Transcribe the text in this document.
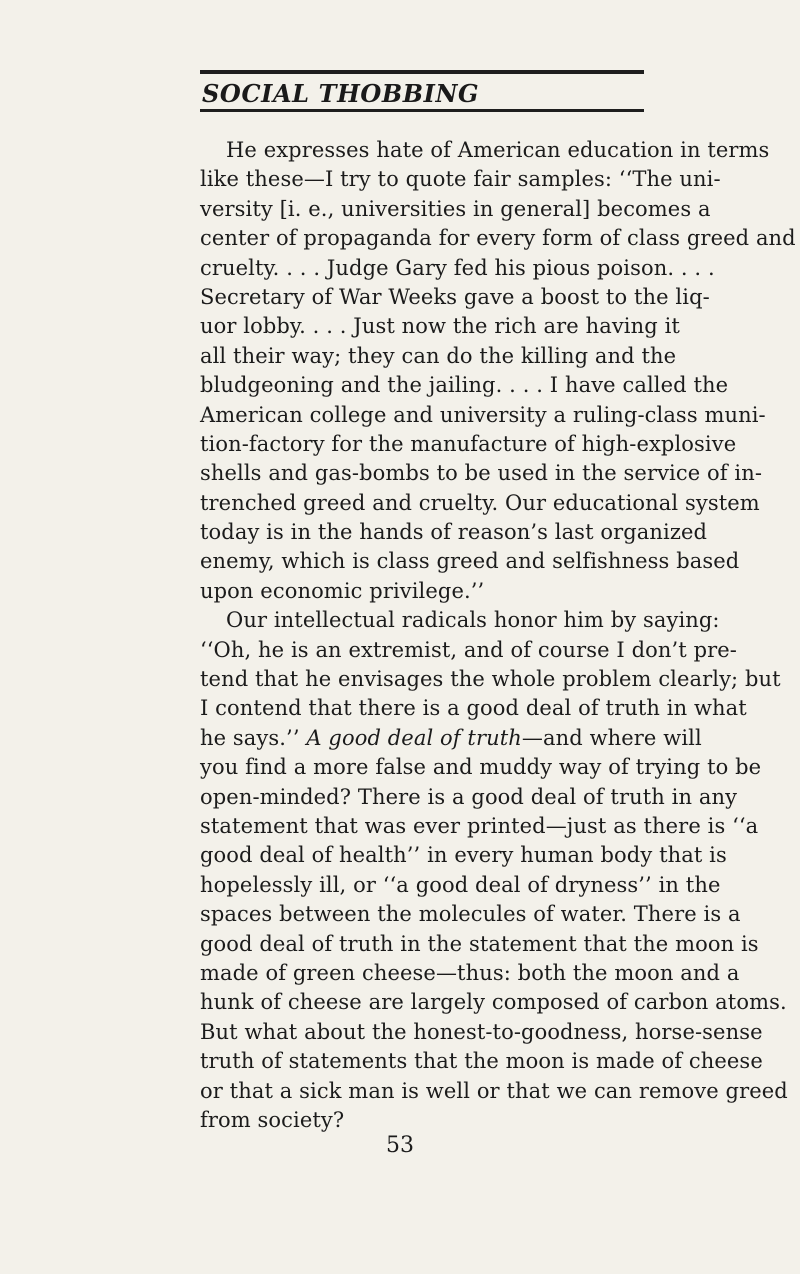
SOCIAL THOBBING
He expresses hate of American education in terms
like these—I try to quote fair samples: ‘‘The uni-
versity [i. e., universities in general] becomes a
center of propaganda for every form of class greed and
cruelty. . . . Judge Gary fed his pious poison. . . .
Secretary of War Weeks gave a boost to the liq-
uor lobby. . . . Just now the rich are having it
all their way; they can do the killing and the
bludgeoning and the jailing. . . . I have called the
American college and university a ruling-class muni-
tion-factory for the manufacture of high-explosive
shells and gas-bombs to be used in the service of in-
trenched greed and cruelty. Our educational system
today is in the hands of reason’s last organized
enemy, which is class greed and selfishness based
upon economic privilege.’’
Our intellectual radicals honor him by saying:
‘‘Oh, he is an extremist, and of course I don’t pre-
tend that he envisages the whole problem clearly; but
I contend that there is a good deal of truth in what
he says.’’ A good deal of truth—and where will
you find a more false and muddy way of trying to be
open-minded? There is a good deal of truth in any
statement that was ever printed—just as there is ‘‘a
good deal of health’’ in every human body that is
hopelessly ill, or ‘‘a good deal of dryness’’ in the
spaces between the molecules of water. There is a
good deal of truth in the statement that the moon is
made of green cheese—thus: both the moon and a
hunk of cheese are largely composed of carbon atoms.
But what about the honest-to-goodness, horse-sense
truth of statements that the moon is made of cheese
or that a sick man is well or that we can remove greed
from society?
53
